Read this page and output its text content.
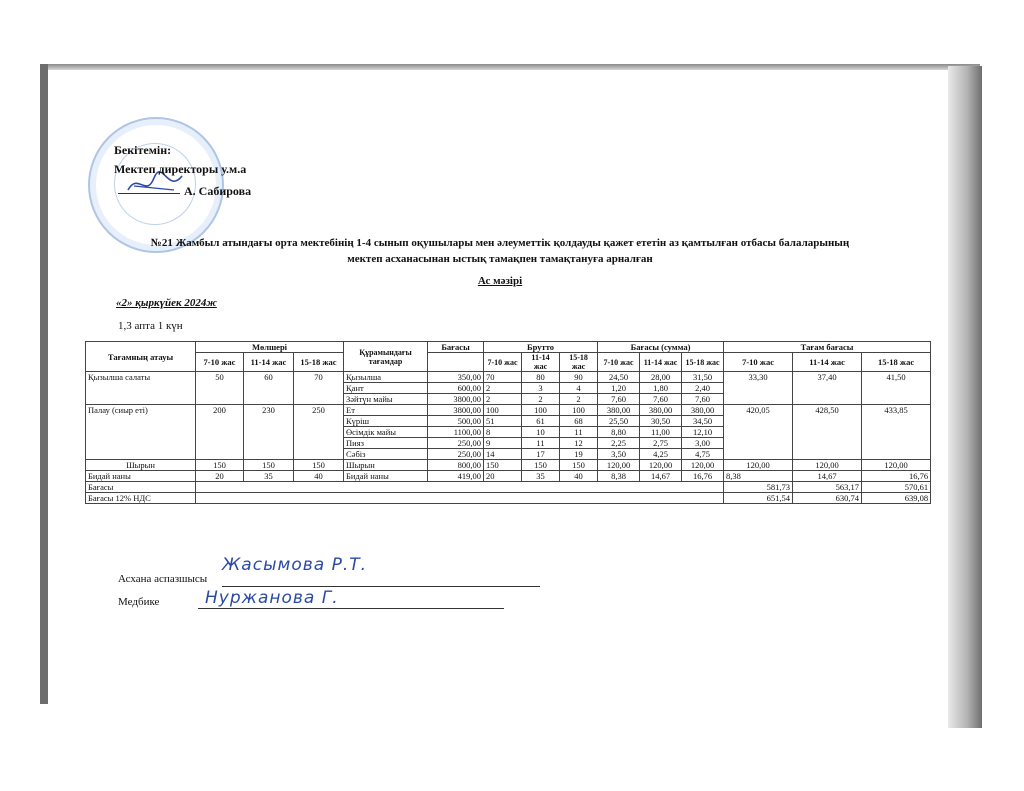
Бекітемін:
Мектеп директоры у.м.а
А. Сабирова
№21 Жамбыл атындағы орта мектебінің 1-4 сынып оқушылары мен әлеуметтік қолдауды қажет ететін аз қамтылған отбасы балаларының
мектеп асханасынан ыстық тамақпен тамақтануға арналған
Ас мәзірі
«2» қыркүйек 2024ж
1,3 апта 1 күн
Тағамның атауы	Мөлшері			Құрамындағы тағамдар	Бағасы	Брутто			Бағасы (сумма)			Тағам бағасы		
	7-10 жас	11-14 жас	15-18 жас			7-10 жас	11-14 жас	15-18 жас	7-10 жас	11-14 жас	15-18 жас	7-10 жас	11-14 жас	15-18 жас
Қызылша салаты	50	60	70	Қызылша	350,00	70	80	90	24,50	28,00	31,50	33,30	37,40	41,50
				Қант	600,00	2	3	4	1,20	1,80	2,40			
				Зәйтүн майы	3800,00	2	2	2	7,60	7,60	7,60			
Палау (сиыр еті)	200	230	250	Ет	3800,00	100	100	100	380,00	380,00	380,00	420,05	428,50	433,85
				Күріш	500,00	51	61	68	25,50	30,50	34,50			
				Өсімдік майы	1100,00	8	10	11	8,80	11,00	12,10			
				Пияз	250,00	9	11	12	2,25	2,75	3,00			
				Сәбіз	250,00	14	17	19	3,50	4,25	4,75			
Шырын	150	150	150	Шырын	800,00	150	150	150	120,00	120,00	120,00	120,00	120,00	120,00
Бидай наны	20	35	40	Бидай наны	419,00	20	35	40	8,38	14,67	16,76	8,38	14,67	16,76
Бағасы												581,73	563,17	570,61
Бағасы 12% НДС												651,54	630,74	639,08
Асхана аспазшысы
Жасымова Р.Т.
Медбике	Нуржанова Г.
